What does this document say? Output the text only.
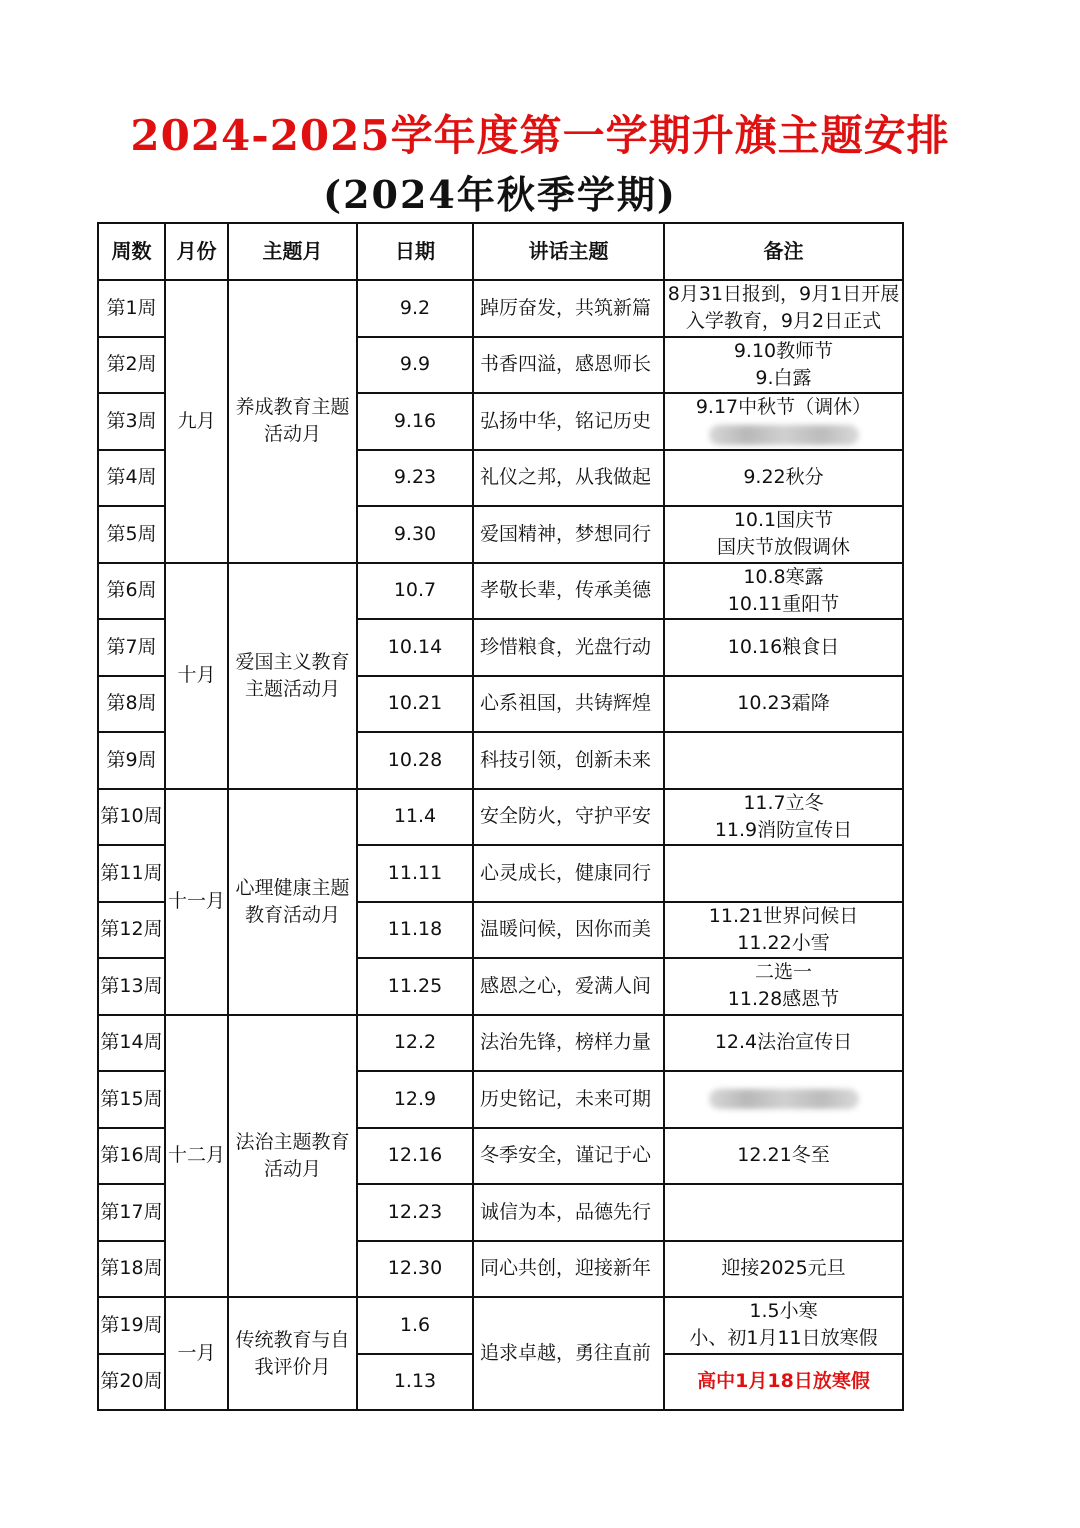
2024-2025学年度第一学期升旗主题安排
(2024年秋季学期)
周数	月份	主题月	日期	讲话主题	备注
第1周	九月	养成教育主题活动月	9.2	踔厉奋发，共筑新篇	8月31日报到，9月1日开展入学教育，9月2日正式
第2周			9.9	书香四溢，感恩师长	9.10教师节
9.白露
第3周			9.16	弘扬中华，铭记历史	9.17中秋节（调休）

第4周			9.23	礼仪之邦，从我做起	9.22秋分
第5周			9.30	爱国精神，梦想同行	10.1国庆节
国庆节放假调休
第6周	十月	爱国主义教育主题活动月	10.7	孝敬长辈，传承美德	10.8寒露
10.11重阳节
第7周			10.14	珍惜粮食，光盘行动	10.16粮食日
第8周			10.21	心系祖国，共铸辉煌	10.23霜降
第9周			10.28	科技引领，创新未来	
第10周	十一月	心理健康主题教育活动月	11.4	安全防火，守护平安	11.7立冬
11.9消防宣传日
第11周			11.11	心灵成长，健康同行	
第12周			11.18	温暖问候，因你而美	11.21世界问候日
11.22小雪
第13周			11.25	感恩之心，爱满人间	二选一
11.28感恩节
第14周	十二月	法治主题教育活动月	12.2	法治先锋，榜样力量	12.4法治宣传日
第15周			12.9	历史铭记，未来可期	
第16周			12.16	冬季安全，谨记于心	12.21冬至
第17周			12.23	诚信为本，品德先行	
第18周			12.30	同心共创，迎接新年	迎接2025元旦
第19周	一月	传统教育与自我评价月	1.6	追求卓越，勇往直前	1.5小寒
小、初1月11日放寒假
第20周			1.13		高中1月18日放寒假
